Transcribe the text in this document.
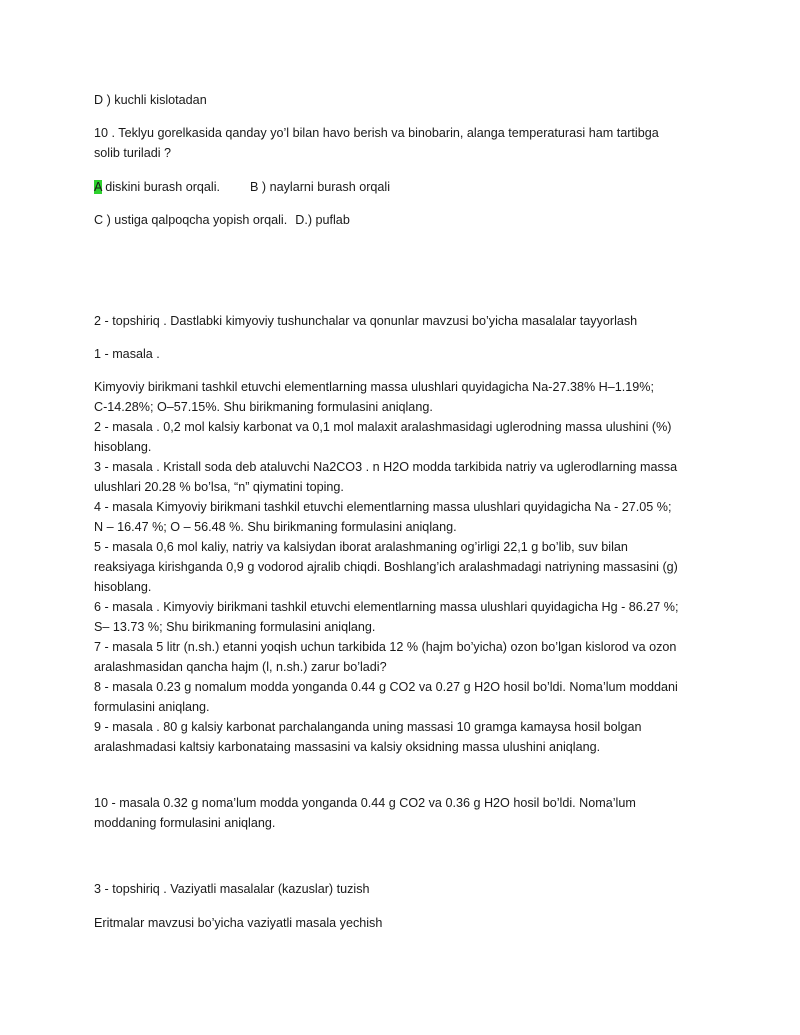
D ) kuchli kislotadan
10 . Teklyu gorelkasida qanday yo’l bilan havo berish va binobarin, alanga temperaturasi ham tartibga
solib turiladi ?
A diskini burash orqali. B ) naylarni burash orqali
C ) ustiga qalpoqcha yopish orqali. D.) puflab
2 - topshiriq . Dastlabki kimyoviy tushunchalar va qonunlar mavzusi bo’yicha masalalar tayyorlash
1 - masala .
Kimyoviy birikmani tashkil etuvchi elementlarning massa ulushlari quyidagicha Na-27.38% H–1.19%;
C-14.28%; O–57.15%. Shu birikmaning formulasini aniqlang.
2 - masala . 0,2 mol kalsiy karbonat va 0,1 mol malaxit aralashmasidagi uglerodning massa ulushini (%)
hisoblang.
3 - masala . Kristall soda deb ataluvchi Na2CO3 . n H2O modda tarkibida natriy va uglerodlarning massa
ulushlari 20.28 % bo’lsa, “n” qiymatini toping.
4 - masala Kimyoviy birikmani tashkil etuvchi elementlarning massa ulushlari quyidagicha Na - 27.05 %;
N – 16.47 %; O – 56.48 %. Shu birikmaning formulasini aniqlang.
5 - masala 0,6 mol kaliy, natriy va kalsiydan iborat aralashmaning og’irligi 22,1 g bo’lib, suv bilan
reaksiyaga kirishganda 0,9 g vodorod ajralib chiqdi. Boshlang’ich aralashmadagi natriyning massasini (g)
hisoblang.
6 - masala . Kimyoviy birikmani tashkil etuvchi elementlarning massa ulushlari quyidagicha Hg - 86.27 %;
S– 13.73 %; Shu birikmaning formulasini aniqlang.
7 - masala 5 litr (n.sh.) etanni yoqish uchun tarkibida 12 % (hajm bo’yicha) ozon bo’lgan kislorod va ozon
aralashmasidan qancha hajm (l, n.sh.) zarur bo’ladi?
8 - masala 0.23 g nomalum modda yonganda 0.44 g CO2 va 0.27 g H2O hosil bo’ldi. Noma’lum moddani
formulasini aniqlang.
9 - masala . 80 g kalsiy karbonat parchalanganda uning massasi 10 gramga kamaysa hosil bolgan
aralashmadasi kaltsiy karbonataing massasini va kalsiy oksidning massa ulushini aniqlang.
10 - masala 0.32 g noma’lum modda yonganda 0.44 g CO2 va 0.36 g H2O hosil bo’ldi. Noma’lum
moddaning formulasini aniqlang.
3 - topshiriq . Vaziyatli masalalar (kazuslar) tuzish
Eritmalar mavzusi bo’yicha vaziyatli masala yechish
